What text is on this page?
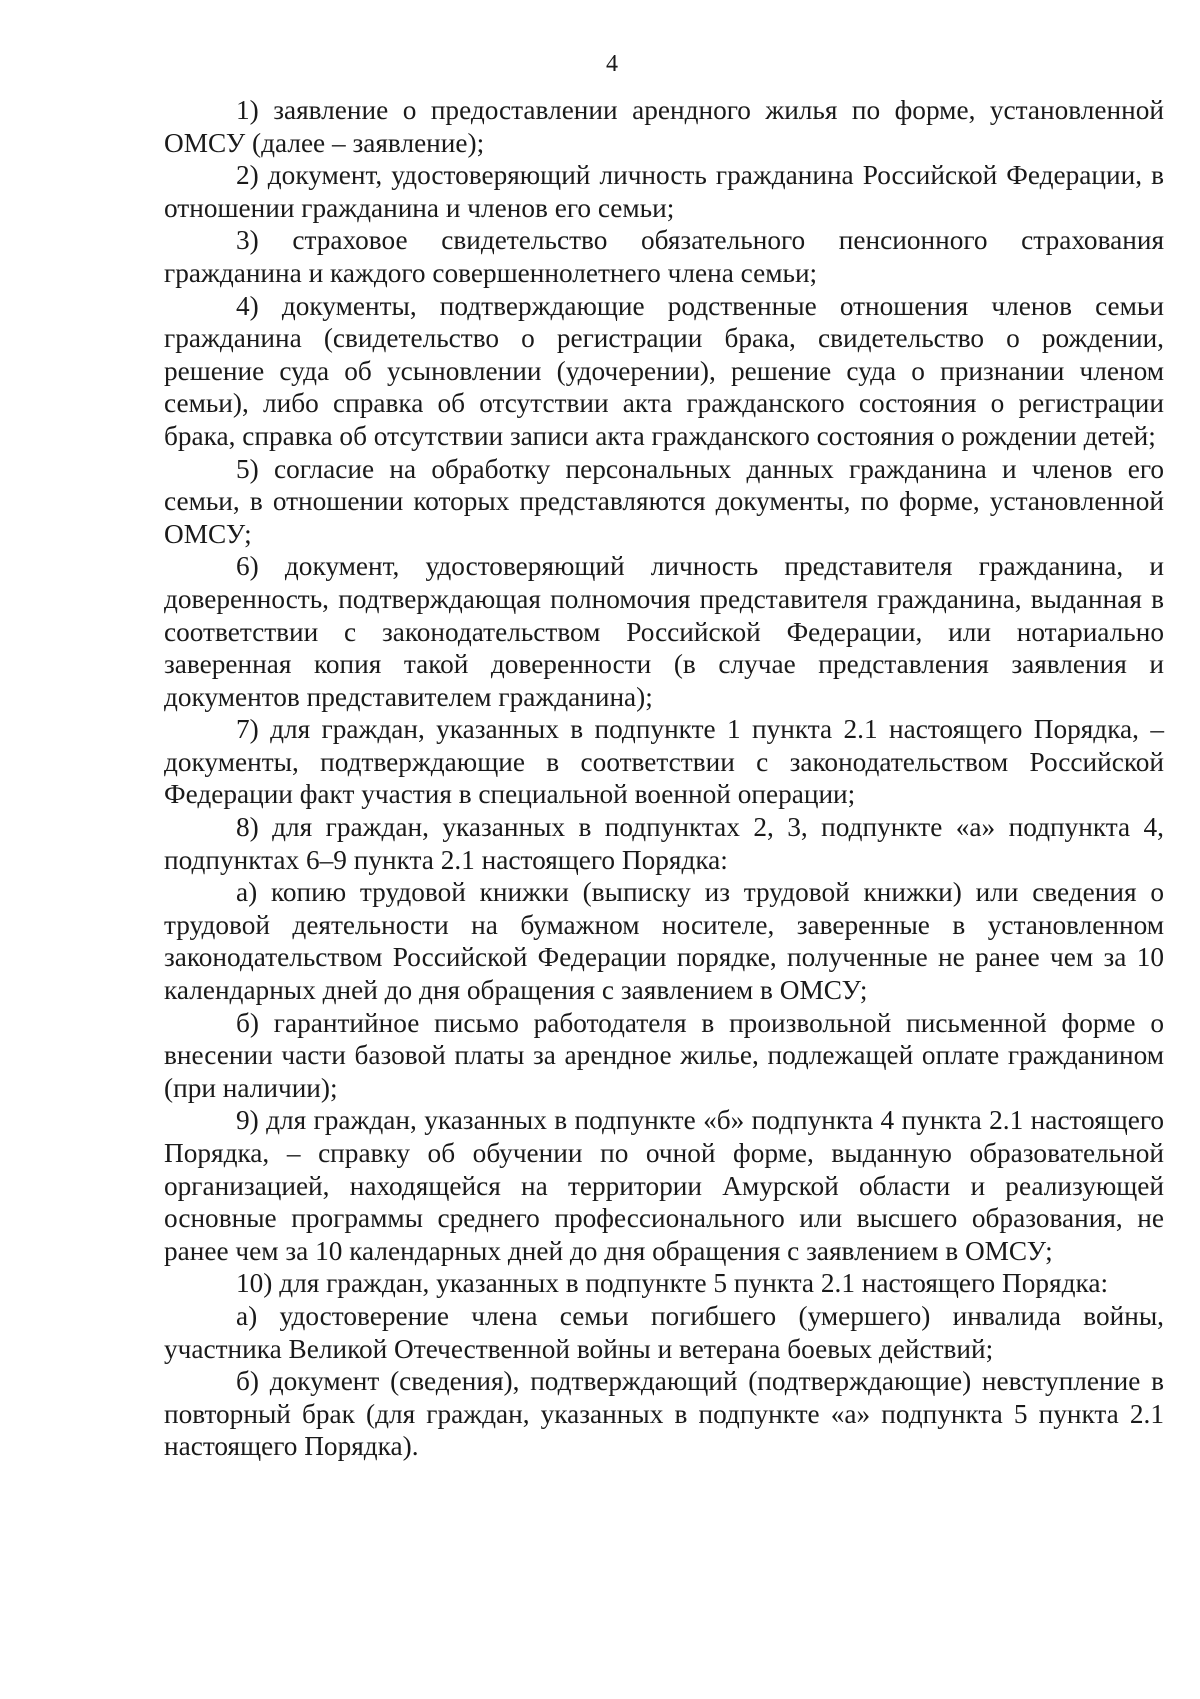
4

1) заявление о предоставлении арендного жилья по форме, установленной ОМСУ (далее – заявление);

2) документ, удостоверяющий личность гражданина Российской Федерации, в отношении гражданина и членов его семьи;

3) страховое свидетельство обязательного пенсионного страхования гражданина и каждого совершеннолетнего члена семьи;

4) документы, подтверждающие родственные отношения членов семьи гражданина (свидетельство о регистрации брака, свидетельство о рождении, решение суда об усыновлении (удочерении), решение суда о признании членом семьи), либо справка об отсутствии акта гражданского состояния о регистрации брака, справка об отсутствии записи акта гражданского состояния о рождении детей;

5) согласие на обработку персональных данных гражданина и членов его семьи, в отношении которых представляются документы, по форме, установленной ОМСУ;

6) документ, удостоверяющий личность представителя гражданина, и доверенность, подтверждающая полномочия представителя гражданина, выданная в соответствии с законодательством Российской Федерации, или нотариально заверенная копия такой доверенности (в случае представления заявления и документов представителем гражданина);

7) для граждан, указанных в подпункте 1 пункта 2.1 настоящего Порядка, – документы, подтверждающие в соответствии с законодательством Российской Федерации факт участия в специальной военной операции;

8) для граждан, указанных в подпунктах 2, 3, подпункте «а» подпункта 4, подпунктах 6–9 пункта 2.1 настоящего Порядка:

а) копию трудовой книжки (выписку из трудовой книжки) или сведения о трудовой деятельности на бумажном носителе, заверенные в установленном законодательством Российской Федерации порядке, полученные не ранее чем за 10 календарных дней до дня обращения с заявлением в ОМСУ;

б) гарантийное письмо работодателя в произвольной письменной форме о внесении части базовой платы за арендное жилье, подлежащей оплате гражданином (при наличии);

9) для граждан, указанных в подпункте «б» подпункта 4 пункта 2.1 настоящего Порядка, – справку об обучении по очной форме, выданную образовательной организацией, находящейся на территории Амурской области и реализующей основные программы среднего профессионального или высшего образования, не ранее чем за 10 календарных дней до дня обращения с заявлением в ОМСУ;

10) для граждан, указанных в подпункте 5 пункта 2.1 настоящего Порядка:

а) удостоверение члена семьи погибшего (умершего) инвалида войны, участника Великой Отечественной войны и ветерана боевых действий;

б) документ (сведения), подтверждающий (подтверждающие) невступление в повторный брак (для граждан, указанных в подпункте «а» подпункта 5 пункта 2.1 настоящего Порядка).
